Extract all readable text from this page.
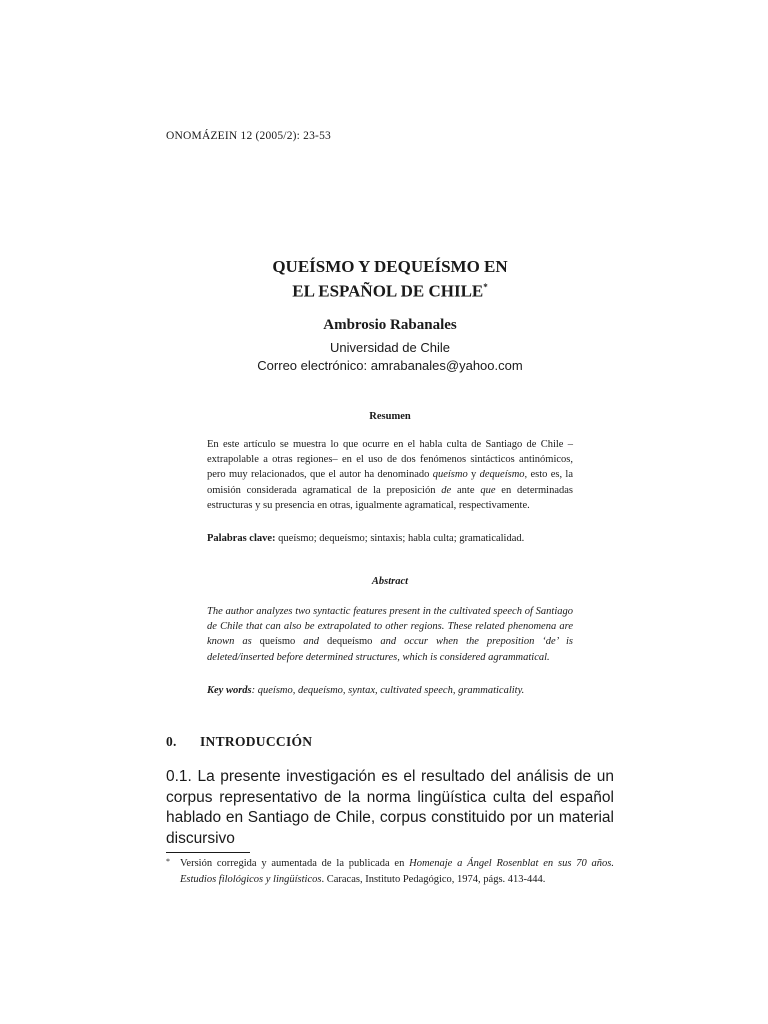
ONOMÁZEIN 12 (2005/2): 23-53
QUEÍSMO Y DEQUEÍSMO EN
EL ESPAÑOL DE CHILE*
Ambrosio Rabanales
Universidad de Chile
Correo electrónico: amrabanales@yahoo.com
Resumen

En este artículo se muestra lo que ocurre en el habla culta de Santiago de Chile –extrapolable a otras regiones– en el uso de dos fenómenos sintácticos antinómicos, pero muy relacionados, que el autor ha denominado queísmo y dequeísmo, esto es, la omisión considerada agramatical de la preposición de ante que en determinadas estructuras y su presencia en otras, igualmente agramatical, respectivamente.

Palabras clave: queísmo; dequeísmo; sintaxis; habla culta; gramaticalidad.
Abstract

The author analyzes two syntactic features present in the cultivated speech of Santiago de Chile that can also be extrapolated to other regions. These related phenomena are known as queísmo and dequeísmo and occur when the preposition ‘de’ is deleted/inserted before determined structures, which is considered agrammatical.

Key words: queísmo, dequeísmo, syntax, cultivated speech, grammaticality.
0. INTRODUCCIÓN

0.1. La presente investigación es el resultado del análisis de un corpus representativo de la norma lingüística culta del español hablado en Santiago de Chile, corpus constituido por un material discursivo

* Versión corregida y aumentada de la publicada en Homenaje a Ángel Rosenblat en sus 70 años. Estudios filológicos y lingüísticos. Caracas, Instituto Pedagógico, 1974, págs. 413-444.
